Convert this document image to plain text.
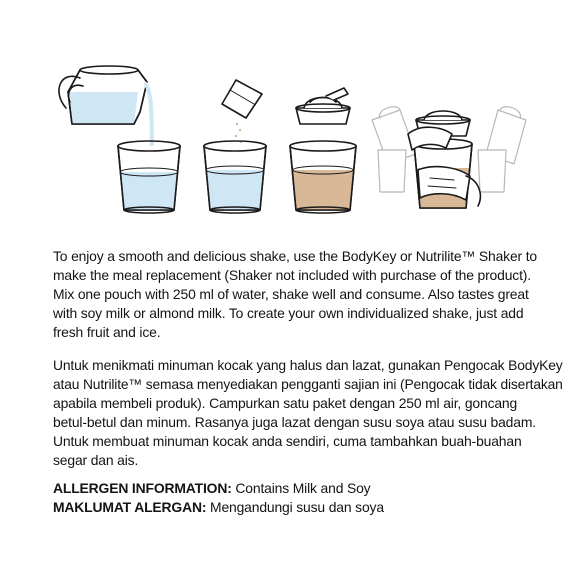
To enjoy a smooth and delicious shake, use the BodyKey or Nutrilite™ Shaker to
make the meal replacement (Shaker not included with purchase of the product).
Mix one pouch with 250 ml of water, shake well and consume. Also tastes great
with soy milk or almond milk. To create your own individualized shake, just add
fresh fruit and ice.
Untuk menikmati minuman kocak yang halus dan lazat, gunakan Pengocak BodyKey
atau Nutrilite™ semasa menyediakan pengganti sajian ini (Pengocak tidak disertakan
apabila membeli produk). Campurkan satu paket dengan 250 ml air, goncang
betul-betul dan minum. Rasanya juga lazat dengan susu soya atau susu badam.
Untuk membuat minuman kocak anda sendiri, cuma tambahkan buah-buahan
segar dan ais.
ALLERGEN INFORMATION: Contains Milk and Soy
MAKLUMAT ALERGAN: Mengandungi susu dan soya
